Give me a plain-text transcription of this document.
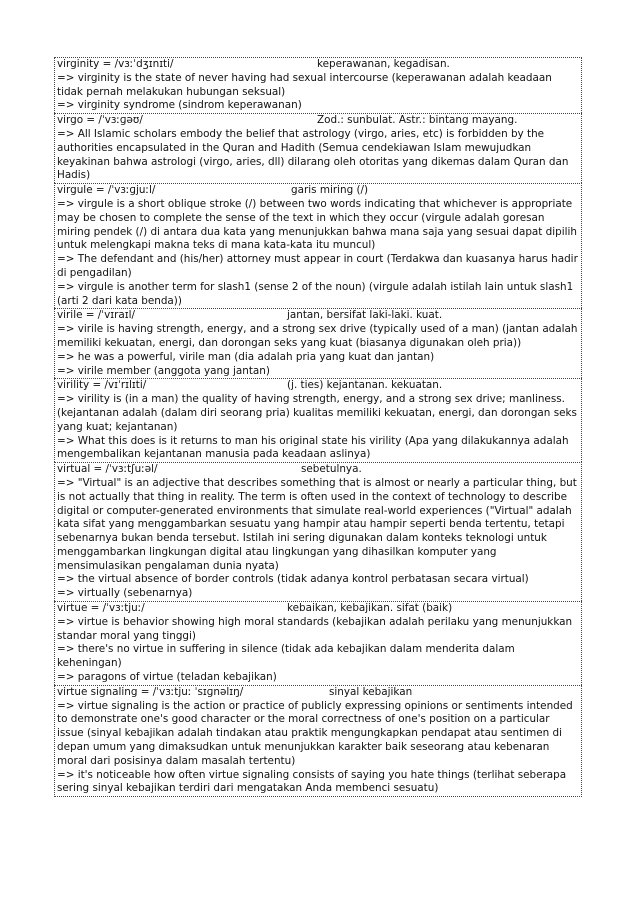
virginity = /vɜːˈdʒɪnɪti/	keperawanan, kegadisan.

=> virginity is the state of never having had sexual intercourse (keperawanan adalah keadaan tidak pernah melakukan hubungan seksual)

=> virginity syndrome (sindrom keperawanan)

virgo = /ˈvɜːɡəʊ/	Zod.: sunbulat. Astr.: bintang mayang.

=> All Islamic scholars embody the belief that astrology (virgo, aries, etc) is forbidden by the authorities encapsulated in the Quran and Hadith (Semua cendekiawan Islam mewujudkan keyakinan bahwa astrologi (virgo, aries, dll) dilarang oleh otoritas yang dikemas dalam Quran dan Hadis)

virgule = /ˈvɜːɡjuːl/	garis miring (/)

=> virgule is a short oblique stroke (/) between two words indicating that whichever is appropriate may be chosen to complete the sense of the text in which they occur (virgule adalah goresan miring pendek (/) di antara dua kata yang menunjukkan bahwa mana saja yang sesuai dapat dipilih untuk melengkapi makna teks di mana kata-kata itu muncul)

=> The defendant and (his/her) attorney must appear in court (Terdakwa dan kuasanya harus hadir di pengadilan)

=> virgule is another term for slash1 (sense 2 of the noun) (virgule adalah istilah lain untuk slash1 (arti 2 dari kata benda))

virile = /ˈvɪraɪl/	jantan, bersifat laki-laki. kuat.

=> virile is having strength, energy, and a strong sex drive (typically used of a man) (jantan adalah memiliki kekuatan, energi, dan dorongan seks yang kuat (biasanya digunakan oleh pria))

=> he was a powerful, virile man (dia adalah pria yang kuat dan jantan)

=> virile member (anggota yang jantan)

virility = /vɪˈrɪlɪti/	(j. ties) kejantanan. kekuatan.

=> virility is (in a man) the quality of having strength, energy, and a strong sex drive; manliness. (kejantanan adalah (dalam diri seorang pria) kualitas memiliki kekuatan, energi, dan dorongan seks yang kuat; kejantanan)

=> What this does is it returns to man his original state his virility (Apa yang dilakukannya adalah mengembalikan kejantanan manusia pada keadaan aslinya)

virtual = /ˈvɜːtʃuːəl/	sebetulnya.

=> "Virtual" is an adjective that describes something that is almost or nearly a particular thing, but is not actually that thing in reality. The term is often used in the context of technology to describe digital or computer-generated environments that simulate real-world experiences ("Virtual" adalah kata sifat yang menggambarkan sesuatu yang hampir atau hampir seperti benda tertentu, tetapi sebenarnya bukan benda tersebut. Istilah ini sering digunakan dalam konteks teknologi untuk menggambarkan lingkungan digital atau lingkungan yang dihasilkan komputer yang mensimulasikan pengalaman dunia nyata)

=> the virtual absence of border controls (tidak adanya kontrol perbatasan secara virtual)

=> virtually (sebenarnya)

virtue = /ˈvɜːtjuː/	kebaikan, kebajikan. sifat (baik)

=> virtue is behavior showing high moral standards (kebajikan adalah perilaku yang menunjukkan standar moral yang tinggi)

=> there's no virtue in suffering in silence (tidak ada kebajikan dalam menderita dalam keheningan)

=> paragons of virtue (teladan kebajikan)

virtue signaling = /ˈvɜːtjuː ˈsɪɡnəlɪŋ/	sinyal kebajikan

=> virtue signaling is the action or practice of publicly expressing opinions or sentiments intended to demonstrate one's good character or the moral correctness of one's position on a particular issue (sinyal kebajikan adalah tindakan atau praktik mengungkapkan pendapat atau sentimen di depan umum yang dimaksudkan untuk menunjukkan karakter baik seseorang atau kebenaran moral dari posisinya dalam masalah tertentu)

=> it's noticeable how often virtue signaling consists of saying you hate things (terlihat seberapa sering sinyal kebajikan terdiri dari mengatakan Anda membenci sesuatu)
